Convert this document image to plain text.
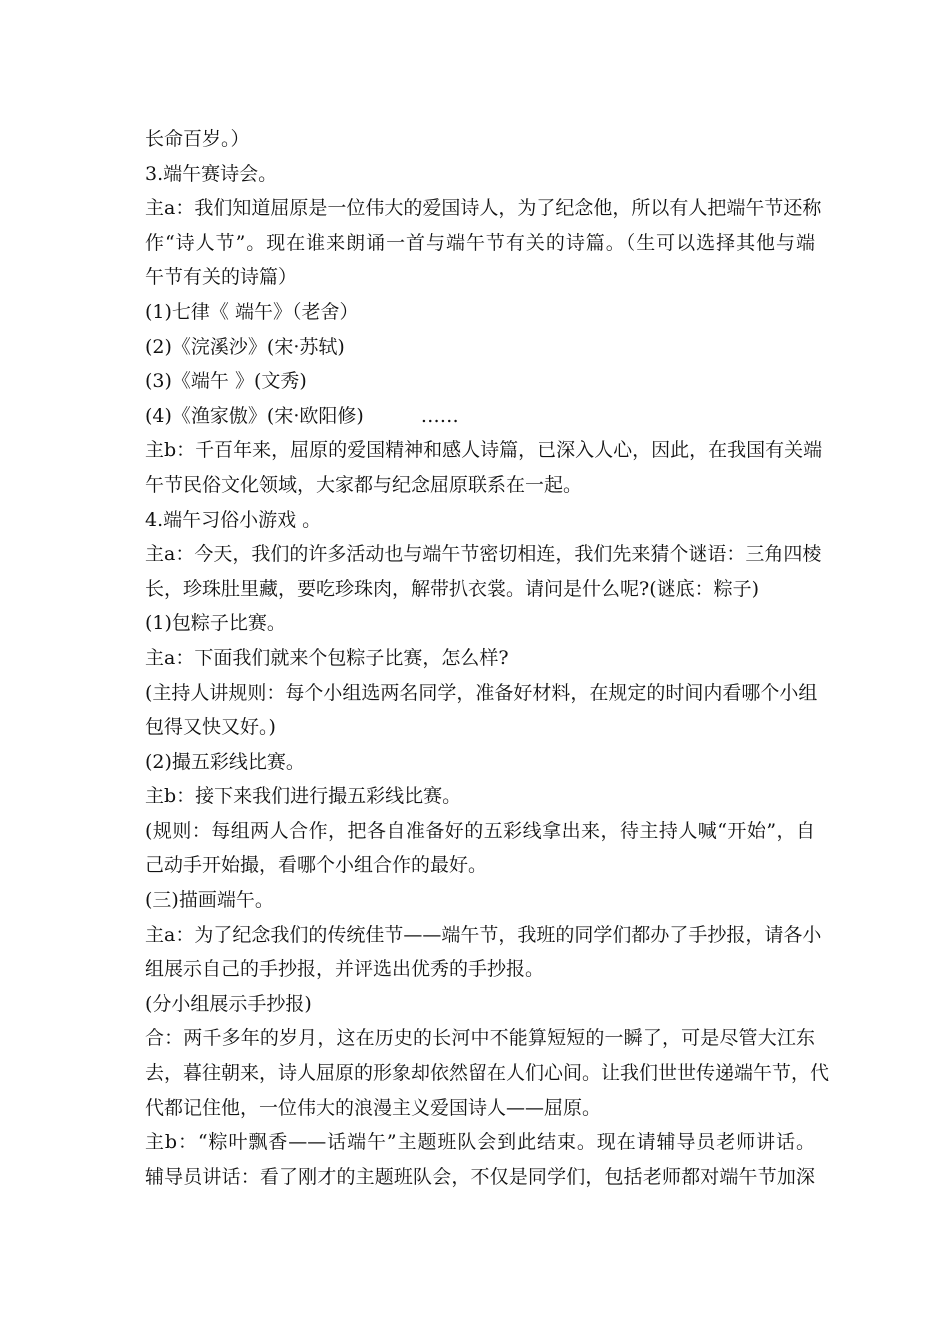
长命百岁。）
3.端午赛诗会。
主a：我们知道屈原是一位伟大的爱国诗人，为了纪念他，所以有人把端午节还称
作“诗人节”。现在谁来朗诵一首与端午节有关的诗篇。（生可以选择其他与端
午节有关的诗篇）
(1)七律《 端午》（老舍）
(2)《浣溪沙》(宋·苏轼)
(3)《端午 》(文秀)
(4)《渔家傲》(宋·欧阳修)　　　……
主b：千百年来，屈原的爱国精神和感人诗篇，已深入人心，因此，在我国有关端
午节民俗文化领域，大家都与纪念屈原联系在一起。
4.端午习俗小游戏 。
主a：今天，我们的许多活动也与端午节密切相连，我们先来猜个谜语：三角四棱
长，珍珠肚里藏，要吃珍珠肉，解带扒衣裳。请问是什么呢?(谜底：粽子)
(1)包粽子比赛。
主a：下面我们就来个包粽子比赛，怎么样?
(主持人讲规则：每个小组选两名同学，准备好材料，在规定的时间内看哪个小组
包得又快又好。)
(2)撮五彩线比赛。
主b：接下来我们进行撮五彩线比赛。
(规则：每组两人合作，把各自准备好的五彩线拿出来，待主持人喊“开始”，自
己动手开始撮，看哪个小组合作的最好。
(三)描画端午。
主a：为了纪念我们的传统佳节——端午节，我班的同学们都办了手抄报，请各小
组展示自己的手抄报，并评选出优秀的手抄报。
(分小组展示手抄报)
合：两千多年的岁月，这在历史的长河中不能算短短的一瞬了，可是尽管大江东
去，暮往朝来，诗人屈原的形象却依然留在人们心间。让我们世世传递端午节，代
代都记住他，一位伟大的浪漫主义爱国诗人——屈原。
主b：“粽叶飘香——话端午”主题班队会到此结束。现在请辅导员老师讲话。
辅导员讲话：看了刚才的主题班队会，不仅是同学们，包括老师都对端午节加深
